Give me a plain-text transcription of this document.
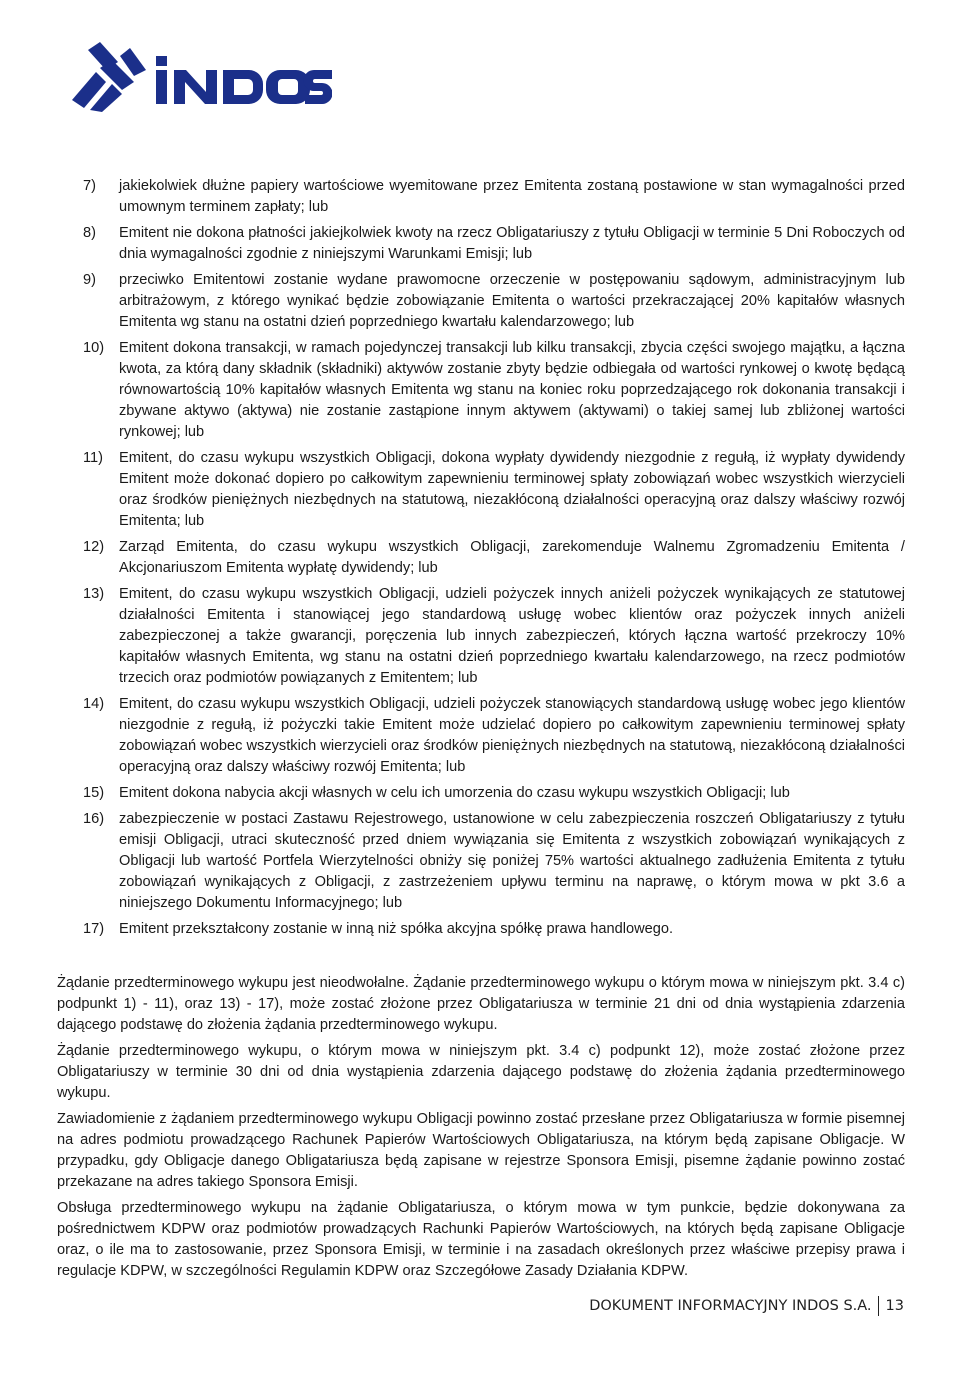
7) jakiekolwiek dłużne papiery wartościowe wyemitowane przez Emitenta zostaną postawione w stan wymagalności przed umownym terminem zapłaty; lub
8) Emitent nie dokona płatności jakiejkolwiek kwoty na rzecz Obligatariuszy z tytułu Obligacji w terminie 5 Dni Roboczych od dnia wymagalności zgodnie z niniejszymi Warunkami Emisji; lub
9) przeciwko Emitentowi zostanie wydane prawomocne orzeczenie w postępowaniu sądowym, administracyjnym lub arbitrażowym, z którego wynikać będzie zobowiązanie Emitenta o wartości przekraczającej 20% kapitałów własnych Emitenta wg stanu na ostatni dzień poprzedniego kwartału kalendarzowego; lub
10) Emitent dokona transakcji, w ramach pojedynczej transakcji lub kilku transakcji, zbycia części swojego majątku, a łączna kwota, za którą dany składnik (składniki) aktywów zostanie zbyty będzie odbiegała od wartości rynkowej o kwotę będącą równowartością 10% kapitałów własnych Emitenta wg stanu na koniec roku poprzedzającego rok dokonania transakcji i zbywane aktywo (aktywa) nie zostanie zastąpione innym aktywem (aktywami) o takiej samej lub zbliżonej wartości rynkowej; lub
11) Emitent, do czasu wykupu wszystkich Obligacji, dokona wypłaty dywidendy niezgodnie z regułą, iż wypłaty dywidendy Emitent może dokonać dopiero po całkowitym zapewnieniu terminowej spłaty zobowiązań wobec wszystkich wierzycieli oraz środków pieniężnych niezbędnych na statutową, niezakłóconą działalności operacyjną oraz dalszy właściwy rozwój Emitenta; lub
12) Zarząd Emitenta, do czasu wykupu wszystkich Obligacji, zarekomenduje Walnemu Zgromadzeniu Emitenta / Akcjonariuszom Emitenta wypłatę dywidendy; lub
13) Emitent, do czasu wykupu wszystkich Obligacji, udzieli pożyczek innych aniżeli pożyczek wynikających ze statutowej działalności Emitenta i stanowiącej jego standardową usługę wobec klientów oraz pożyczek innych aniżeli zabezpieczonej a także gwarancji, poręczenia lub innych zabezpieczeń, których łączna wartość przekroczy 10% kapitałów własnych Emitenta, wg stanu na ostatni dzień poprzedniego kwartału kalendarzowego, na rzecz podmiotów trzecich oraz podmiotów powiązanych z Emitentem; lub
14) Emitent, do czasu wykupu wszystkich Obligacji, udzieli pożyczek stanowiących standardową usługę wobec jego klientów niezgodnie z regułą, iż pożyczki takie Emitent może udzielać dopiero po całkowitym zapewnieniu terminowej spłaty zobowiązań wobec wszystkich wierzycieli oraz środków pieniężnych niezbędnych na statutową, niezakłóconą działalności operacyjną oraz dalszy właściwy rozwój Emitenta; lub
15) Emitent dokona nabycia akcji własnych w celu ich umorzenia do czasu wykupu wszystkich Obligacji; lub
16) zabezpieczenie w postaci Zastawu Rejestrowego, ustanowione w celu zabezpieczenia roszczeń Obligatariuszy z tytułu emisji Obligacji, utraci skuteczność przed dniem wywiązania się Emitenta z wszystkich zobowiązań wynikających z Obligacji lub wartość Portfela Wierzytelności obniży się poniżej 75% wartości aktualnego zadłużenia Emitenta z tytułu zobowiązań wynikających z Obligacji, z zastrzeżeniem upływu terminu na naprawę, o którym mowa w pkt 3.6 a niniejszego Dokumentu Informacyjnego; lub
17) Emitent przekształcony zostanie w inną niż spółka akcyjna spółkę prawa handlowego.

Żądanie przedterminowego wykupu jest nieodwołalne. Żądanie przedterminowego wykupu o którym mowa w niniejszym pkt. 3.4 c) podpunkt 1) - 11), oraz 13) - 17), może zostać złożone przez Obligatariusza w terminie 21 dni od dnia wystąpienia zdarzenia dającego podstawę do złożenia żądania przedterminowego wykupu.

Żądanie przedterminowego wykupu, o którym mowa w niniejszym pkt. 3.4 c) podpunkt 12), może zostać złożone przez Obligatariuszy w terminie 30 dni od dnia wystąpienia zdarzenia dającego podstawę do złożenia żądania przedterminowego wykupu.

Zawiadomienie z żądaniem przedterminowego wykupu Obligacji powinno zostać przesłane przez Obligatariusza w formie pisemnej na adres podmiotu prowadzącego Rachunek Papierów Wartościowych Obligatariusza, na którym będą zapisane Obligacje. W przypadku, gdy Obligacje danego Obligatariusza będą zapisane w rejestrze Sponsora Emisji, pisemne żądanie powinno zostać przekazane na adres takiego Sponsora Emisji.

Obsługa przedterminowego wykupu na żądanie Obligatariusza, o którym mowa w tym punkcie, będzie dokonywana za pośrednictwem KDPW oraz podmiotów prowadzących Rachunki Papierów Wartościowych, na których będą zapisane Obligacje oraz, o ile ma to zastosowanie, przez Sponsora Emisji, w terminie i na zasadach określonych przez właściwe przepisy prawa i regulacje KDPW, w szczególności Regulamin KDPW oraz Szczegółowe Zasady Działania KDPW.

DOKUMENT INFORMACYJNY INDOS S.A. 13
